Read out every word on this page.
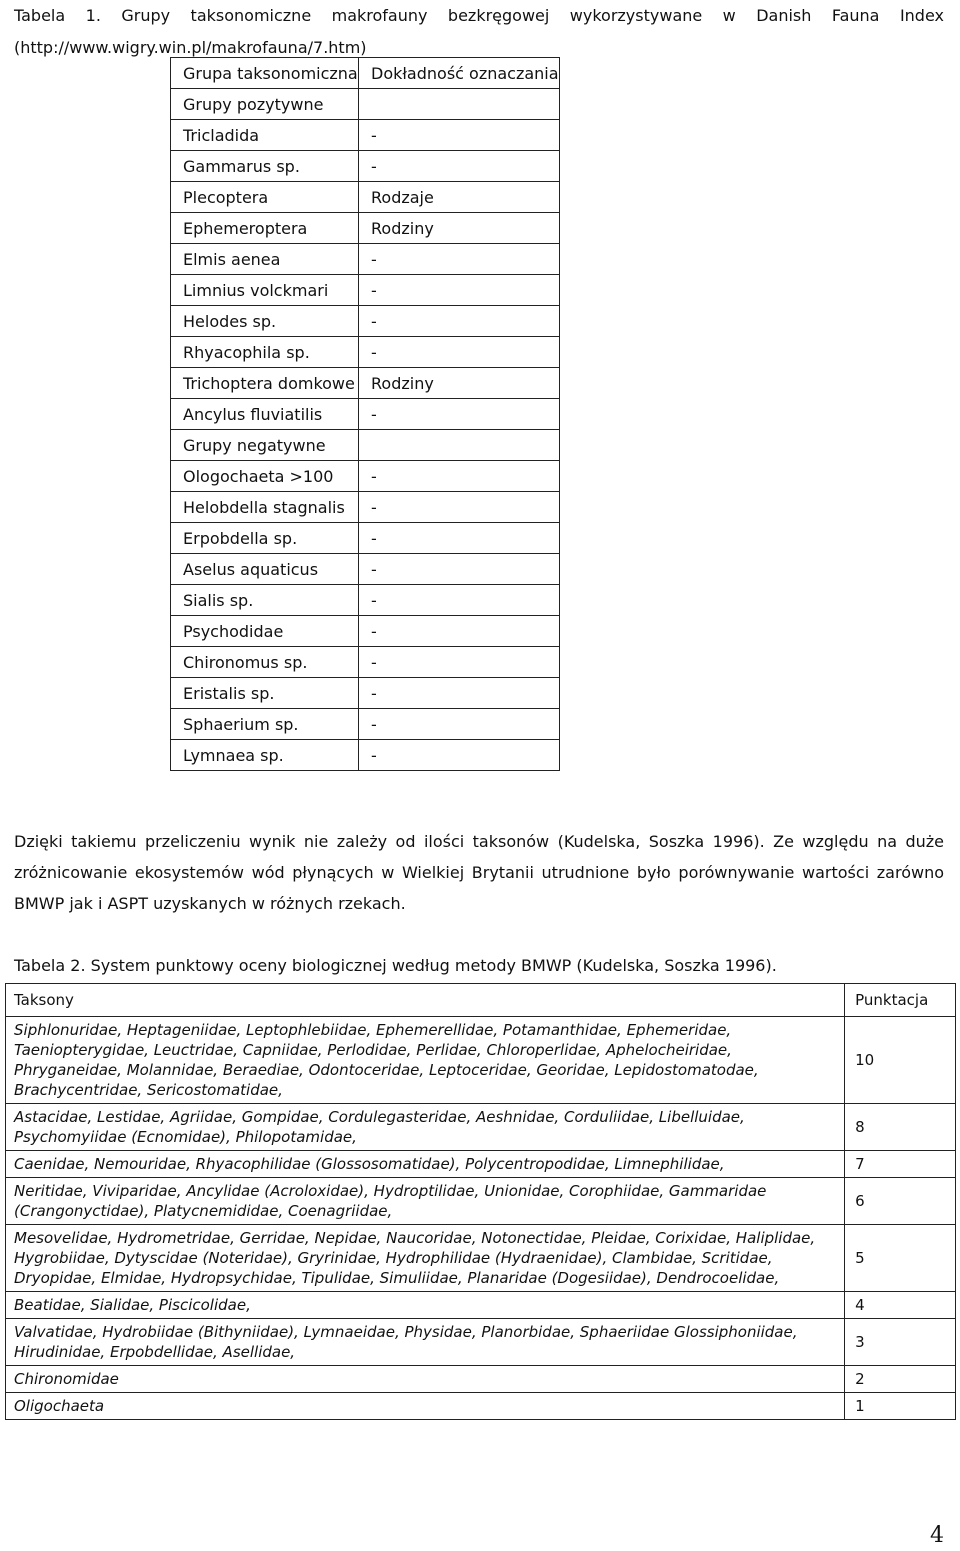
Tabela 1. Grupy taksonomiczne makrofauny bezkręgowej wykorzystywane w Danish Fauna Index (http://www.wigry.win.pl/makrofauna/7.htm)
Grupa taksonomiczna	Dokładność oznaczania
Grupy pozytywne	
Tricladida	-
Gammarus sp.	-
Plecoptera	Rodzaje
Ephemeroptera	Rodziny
Elmis aenea	-
Limnius volckmari	-
Helodes sp.	-
Rhyacophila sp.	-
Trichoptera domkowe	Rodziny
Ancylus fluviatilis	-
Grupy negatywne	
Ologochaeta >100	-
Helobdella stagnalis	-
Erpobdella sp.	-
Aselus aquaticus	-
Sialis sp.	-
Psychodidae	-
Chironomus sp.	-
Eristalis sp.	-
Sphaerium sp.	-
Lymnaea sp.	-
Dzięki takiemu przeliczeniu wynik nie zależy od ilości taksonów (Kudelska, Soszka 1996). Ze względu na duże zróżnicowanie ekosystemów wód płynących w Wielkiej Brytanii utrudnione było porównywanie wartości zarówno BMWP jak i ASPT uzyskanych w różnych rzekach.
Tabela 2. System punktowy oceny biologicznej według metody BMWP (Kudelska, Soszka 1996).
Taksony	Punktacja
Siphlonuridae, Heptageniidae, Leptophlebiidae, Ephemerellidae, Potamanthidae, Ephemeridae, Taeniopterygidae, Leuctridae, Capniidae, Perlodidae, Perlidae, Chloroperlidae, Aphelocheiridae, Phryganeidae, Molannidae, Beraediae, Odontoceridae, Leptoceridae, Georidae, Lepidostomatodae, Brachycentridae, Sericostomatidae,	10
Astacidae, Lestidae, Agriidae, Gompidae, Cordulegasteridae, Aeshnidae, Corduliidae, Libelluidae, Psychomyiidae (Ecnomidae), Philopotamidae,	8
Caenidae, Nemouridae, Rhyacophilidae (Glossosomatidae), Polycentropodidae, Limnephilidae,	7
Neritidae, Viviparidae, Ancylidae (Acroloxidae), Hydroptilidae, Unionidae, Corophiidae, Gammaridae (Crangonyctidae), Platycnemididae, Coenagriidae,	6
Mesovelidae, Hydrometridae, Gerridae, Nepidae, Naucoridae, Notonectidae, Pleidae, Corixidae, Haliplidae, Hygrobiidae, Dytyscidae (Noteridae), Gryrinidae, Hydrophilidae (Hydraenidae), Clambidae, Scritidae, Dryopidae, Elmidae, Hydropsychidae, Tipulidae, Simuliidae, Planaridae (Dogesiidae), Dendrocoelidae,	5
Beatidae, Sialidae, Piscicolidae,	4
Valvatidae, Hydrobiidae (Bithyniidae), Lymnaeidae, Physidae, Planorbidae, Sphaeriidae Glossiphoniidae, Hirudinidae, Erpobdellidae, Asellidae,	3
Chironomidae	2
Oligochaeta	1
4
